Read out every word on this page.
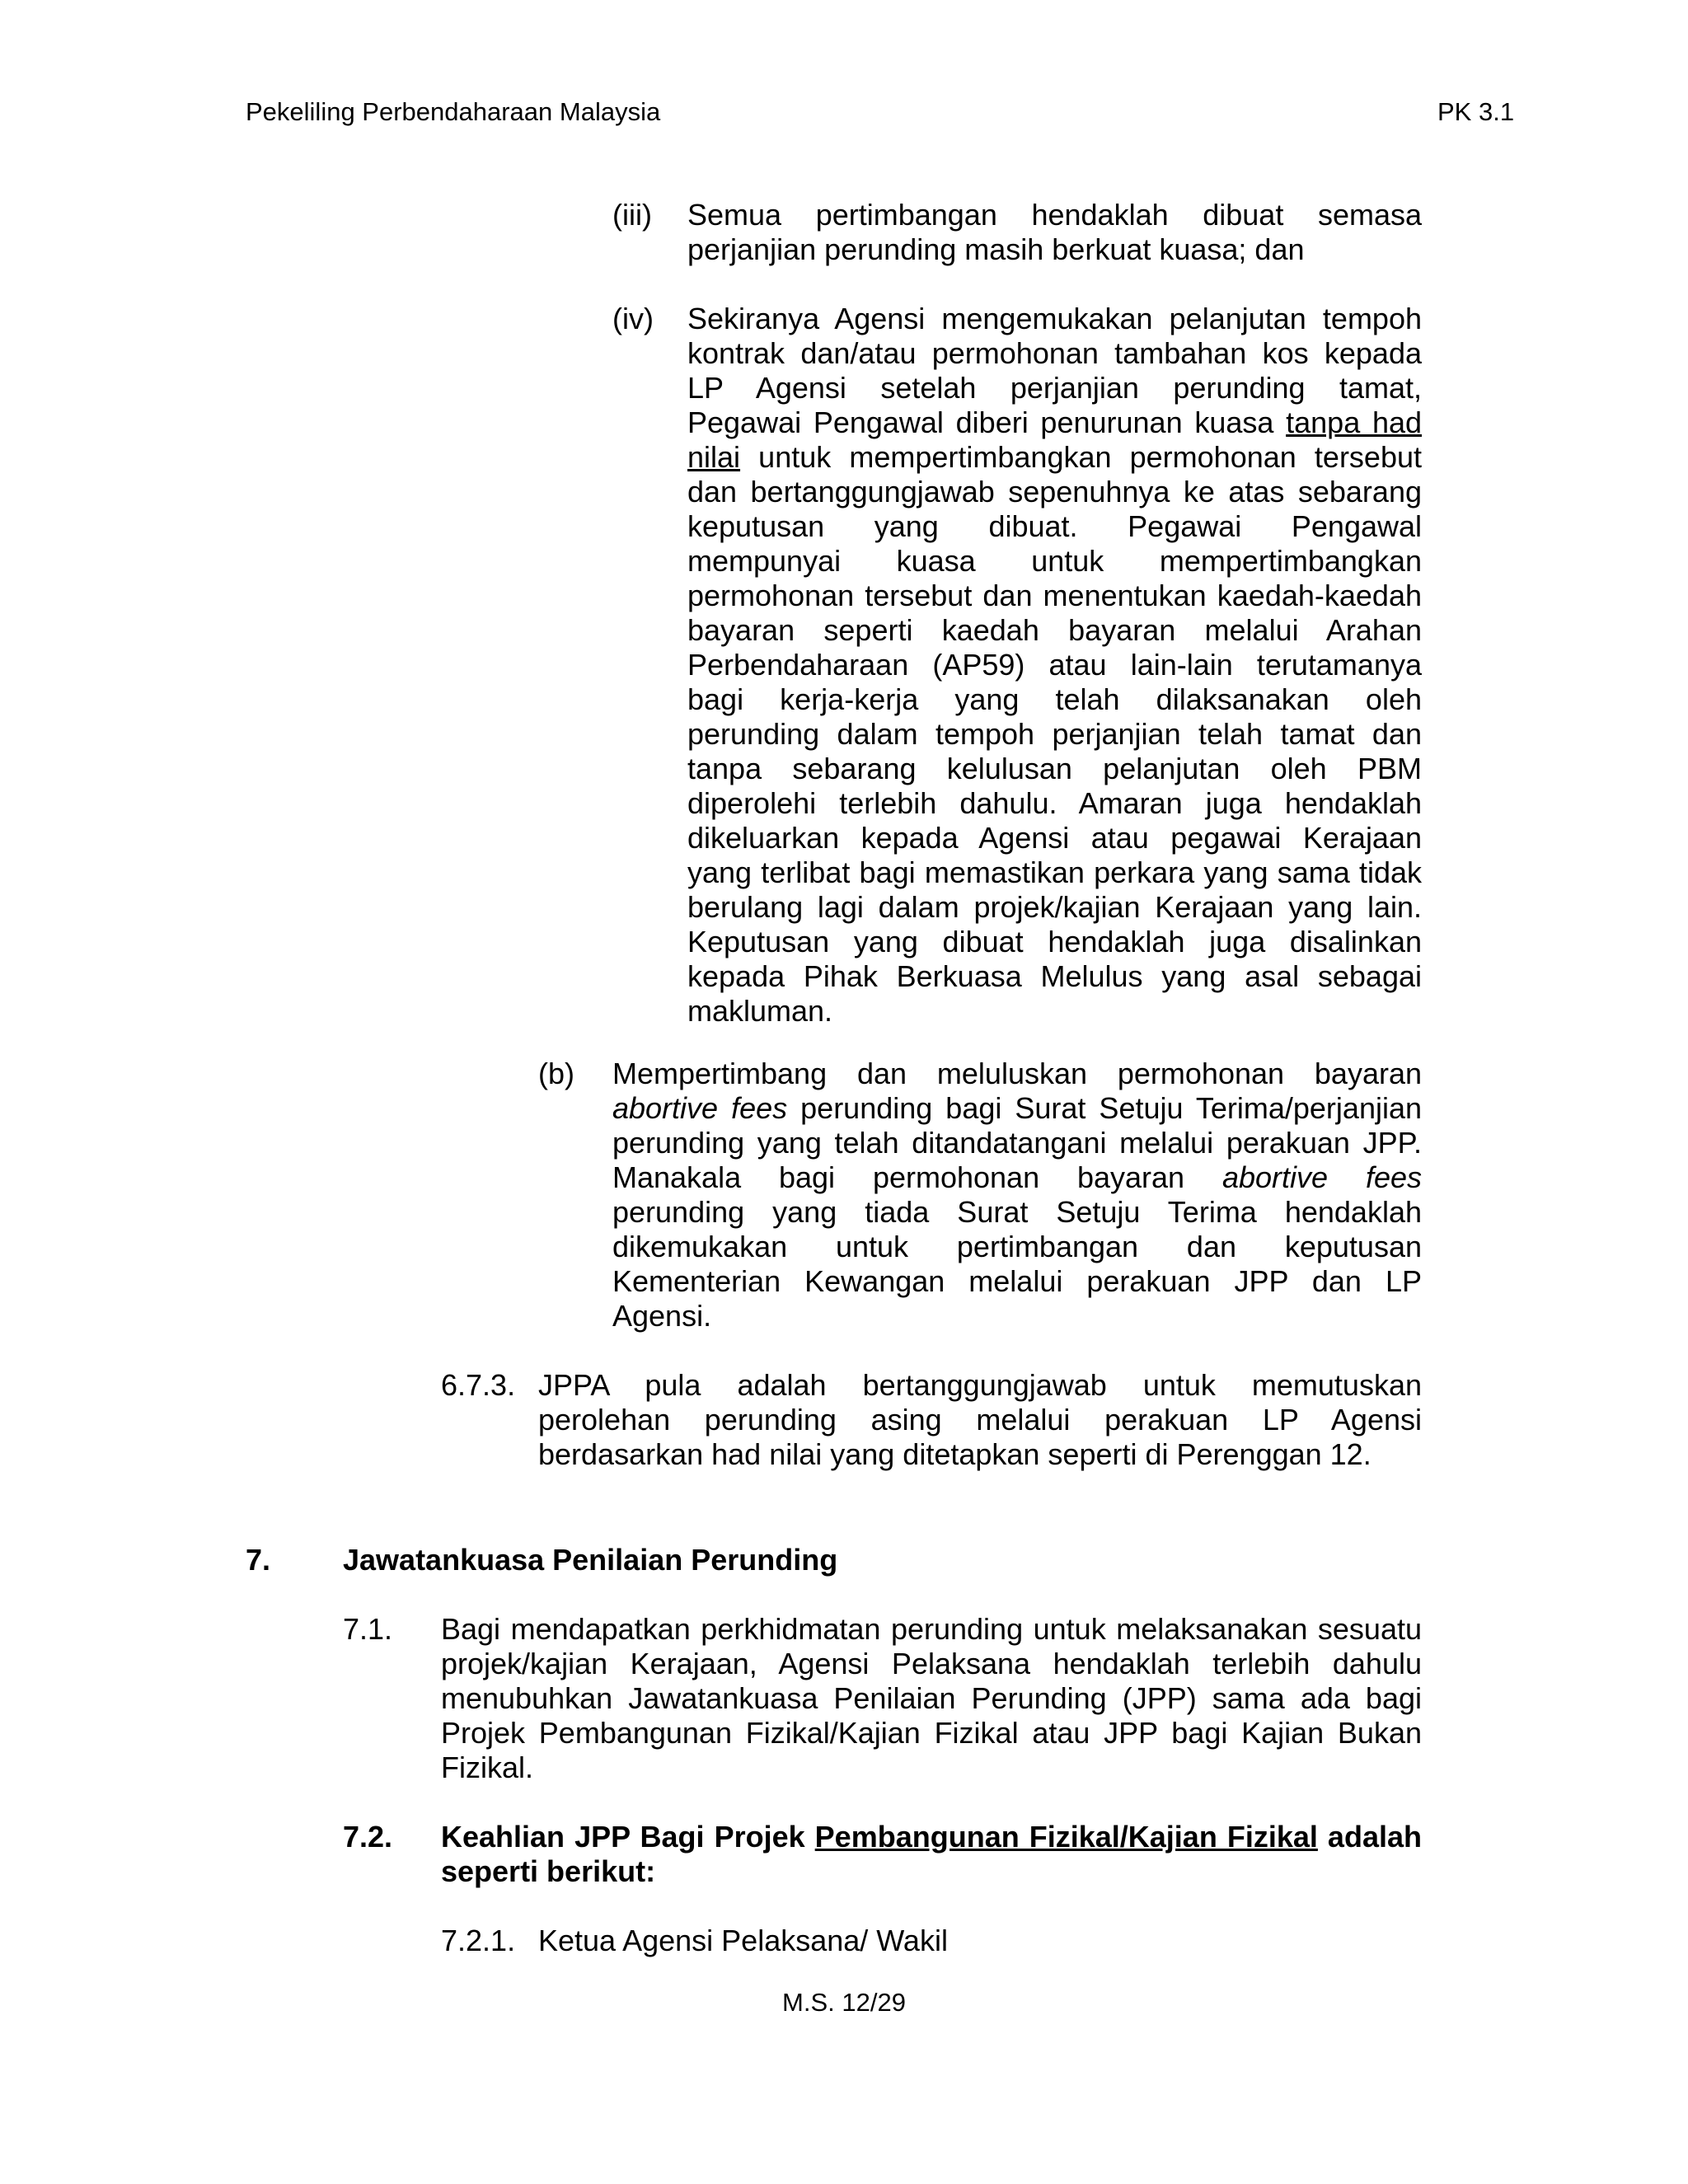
Pekeliling Perbendaharaan Malaysia	PK 3.1
(iii) Semua pertimbangan hendaklah dibuat semasa
perjanjian perunding masih berkuat kuasa; dan
(iv) Sekiranya Agensi mengemukakan pelanjutan tempoh
kontrak dan/atau permohonan tambahan kos kepada
LP Agensi setelah perjanjian perunding tamat,
Pegawai Pengawal diberi penurunan kuasa tanpa had
nilai untuk mempertimbangkan permohonan tersebut
dan bertanggungjawab sepenuhnya ke atas sebarang
keputusan yang dibuat. Pegawai Pengawal
mempunyai kuasa untuk mempertimbangkan
permohonan tersebut dan menentukan kaedah-kaedah
bayaran seperti kaedah bayaran melalui Arahan
Perbendaharaan (AP59) atau lain-lain terutamanya
bagi kerja-kerja yang telah dilaksanakan oleh
perunding dalam tempoh perjanjian telah tamat dan
tanpa sebarang kelulusan pelanjutan oleh PBM
diperolehi terlebih dahulu. Amaran juga hendaklah
dikeluarkan kepada Agensi atau pegawai Kerajaan
yang terlibat bagi memastikan perkara yang sama tidak
berulang lagi dalam projek/kajian Kerajaan yang lain.
Keputusan yang dibuat hendaklah juga disalinkan
kepada Pihak Berkuasa Melulus yang asal sebagai
makluman.
(b) Mempertimbang dan meluluskan permohonan bayaran
abortive fees perunding bagi Surat Setuju Terima/perjanjian
perunding yang telah ditandatangani melalui perakuan JPP.
Manakala bagi permohonan bayaran abortive fees
perunding yang tiada Surat Setuju Terima hendaklah
dikemukakan untuk pertimbangan dan keputusan
Kementerian Kewangan melalui perakuan JPP dan LP
Agensi.
6.7.3. JPPA pula adalah bertanggungjawab untuk memutuskan
perolehan perunding asing melalui perakuan LP Agensi
berdasarkan had nilai yang ditetapkan seperti di Perenggan 12.
7. Jawatankuasa Penilaian Perunding
7.1. Bagi mendapatkan perkhidmatan perunding untuk melaksanakan sesuatu
projek/kajian Kerajaan, Agensi Pelaksana hendaklah terlebih dahulu
menubuhkan Jawatankuasa Penilaian Perunding (JPP) sama ada bagi
Projek Pembangunan Fizikal/Kajian Fizikal atau JPP bagi Kajian Bukan
Fizikal.
7.2. Keahlian JPP Bagi Projek Pembangunan Fizikal/Kajian Fizikal adalah
seperti berikut:
7.2.1. Ketua Agensi Pelaksana/ Wakil
M.S. 12/29
